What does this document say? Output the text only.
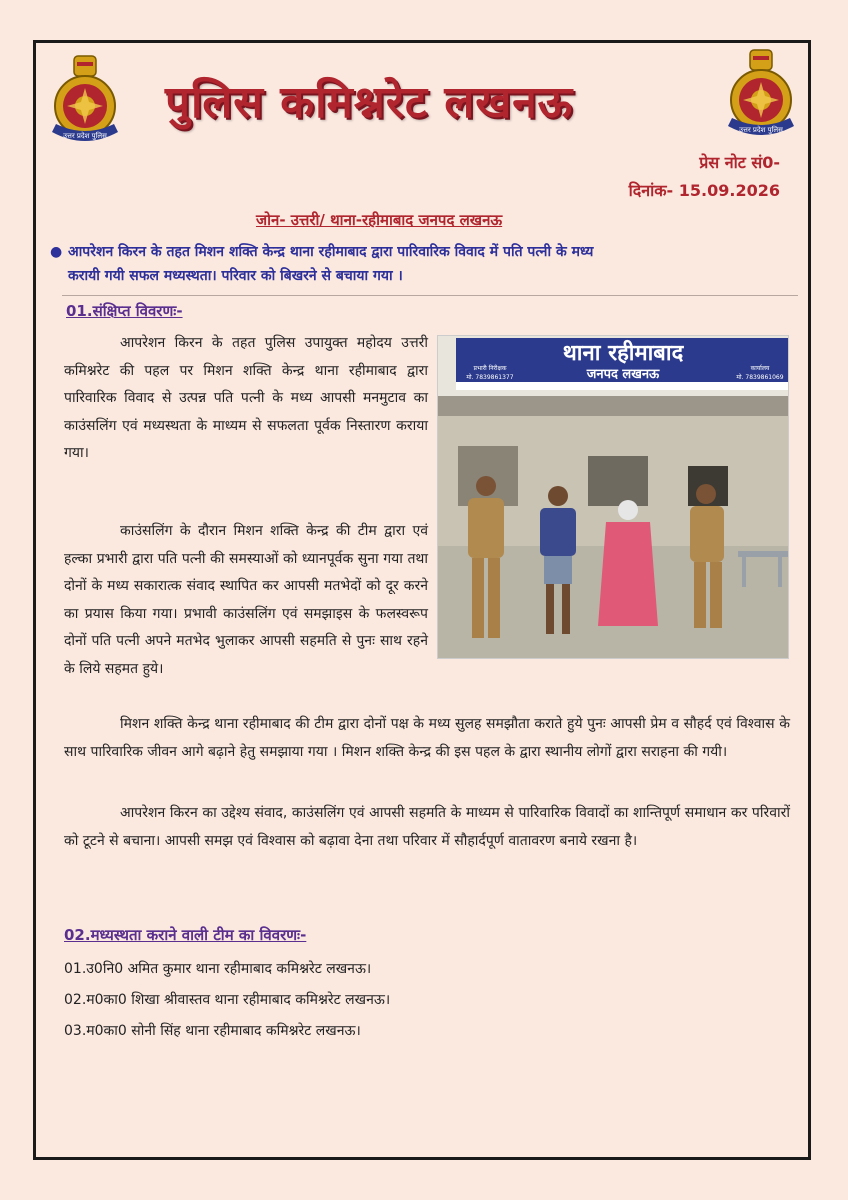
उत्तर प्रदेश पुलिस
उत्तर प्रदेश पुलिस
पुलिस कमिश्नरेट लखनऊ
प्रेस नोट सं0-
दिनांक- 15.09.2026
जोन- उत्तरी/ थाना-रहीमाबाद जनपद लखनऊ
● आपरेशन किरन के तहत मिशन शक्ति केन्द्र थाना रहीमाबाद द्वारा पारिवारिक विवाद में पति पत्नी के मध्य
करायी गयी सफल मध्यस्थता। परिवार को बिखरने से बचाया गया ।
01.संक्षिप्त विवरणः-
आपरेशन किरन के तहत पुलिस उपायुक्त महोदय उत्तरी कमिश्नरेट की पहल पर मिशन शक्ति केन्द्र थाना रहीमाबाद द्वारा पारिवारिक विवाद से उत्पन्न पति पत्नी के मध्य आपसी मनमुटाव का काउंसलिंग एवं मध्यस्थता के माध्यम से सफलता पूर्वक निस्तारण कराया गया।
काउंसलिंग के दौरान मिशन शक्ति केन्द्र की टीम द्वारा एवं हल्का प्रभारी द्वारा पति पत्नी की समस्याओं को ध्यानपूर्वक सुना गया तथा दोनों के मध्य सकारात्क संवाद स्थापित कर आपसी मतभेदों को दूर करने का प्रयास किया गया। प्रभावी काउंसलिंग एवं समझाइस के फलस्वरूप दोनों पति पत्नी अपने मतभेद भुलाकर आपसी सहमति से पुनः साथ रहने के लिये सहमत हुये।
थाना रहीमाबाद
जनपद लखनऊ
प्रभारी निरीक्षक
मो. 7839861377
कार्यालय
मो. 7839861069
मिशन शक्ति केन्द्र थाना रहीमाबाद की टीम द्वारा दोनों पक्ष के मध्य सुलह समझौता कराते हुये पुनः आपसी प्रेम व सौहर्द एवं विश्वास के साथ पारिवारिक जीवन आगे बढ़ाने हेतु समझाया गया । मिशन शक्ति केन्द्र की इस पहल के द्वारा स्थानीय लोगों द्वारा सराहना की गयी।
आपरेशन किरन का उद्देश्य संवाद, काउंसलिंग एवं आपसी सहमति के माध्यम से पारिवारिक विवादों का शान्तिपूर्ण समाधान कर परिवारों को टूटने से बचाना। आपसी समझ एवं विश्वास को बढ़ावा देना तथा परिवार में सौहार्दपूर्ण वातावरण बनाये रखना है।
02.मध्यस्थता कराने वाली टीम का विवरणः-
01.उ0नि0 अमित कुमार थाना रहीमाबाद कमिश्नरेट लखनऊ।
02.म0का0 शिखा श्रीवास्तव थाना रहीमाबाद कमिश्नरेट लखनऊ।
03.म0का0 सोनी सिंह थाना रहीमाबाद कमिश्नरेट लखनऊ।
